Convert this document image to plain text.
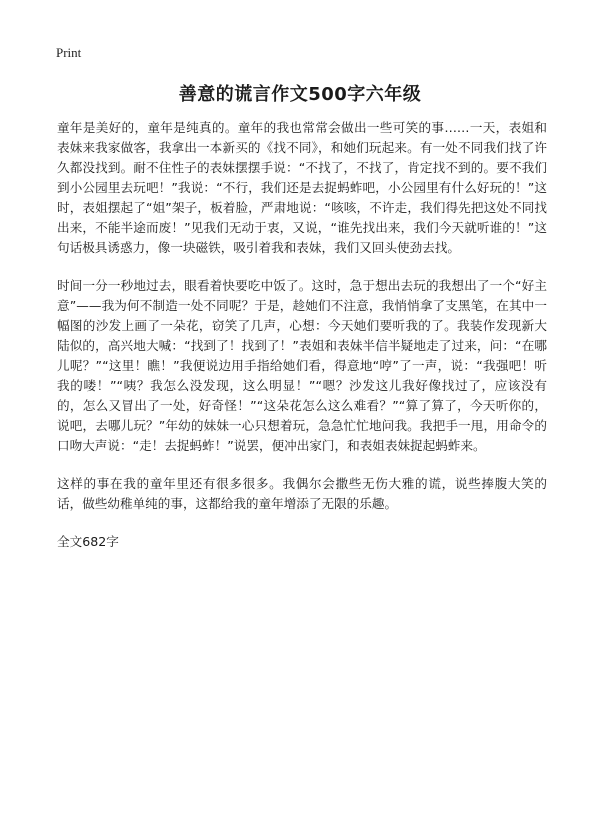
Print
善意的谎言作文500字六年级

童年是美好的，童年是纯真的。童年的我也常常会做出一些可笑的事……一天，表姐和表妹来我家做客，我拿出一本新买的《找不同》，和她们玩起来。有一处不同我们找了许久都没找到。耐不住性子的表妹摆摆手说：“不找了，不找了，肯定找不到的。要不我们到小公园里去玩吧！”我说：“不行，我们还是去捉蚂蚱吧，小公园里有什么好玩的！”这时，表姐摆起了“姐”架子，板着脸，严肃地说：“咳咳，不许走，我们得先把这处不同找出来，不能半途而废！”见我们无动于衷，又说，“谁先找出来，我们今天就听谁的！”这句话极具诱惑力，像一块磁铁，吸引着我和表妹，我们又回头使劲去找。

时间一分一秒地过去，眼看着快要吃中饭了。这时，急于想出去玩的我想出了一个“好主意”——我为何不制造一处不同呢？于是，趁她们不注意，我悄悄拿了支黑笔，在其中一幅图的沙发上画了一朵花，窃笑了几声，心想：今天她们要听我的了。我装作发现新大陆似的，高兴地大喊：“找到了！找到了！”表姐和表妹半信半疑地走了过来，问：“在哪儿呢？”“这里！瞧！”我便说边用手指给她们看，得意地“哼”了一声，说：“我强吧！听我的喽！”“咦？我怎么没发现，这么明显！”“嗯？沙发这儿我好像找过了，应该没有的，怎么又冒出了一处，好奇怪！”“这朵花怎么这么难看？”“算了算了，今天听你的，说吧，去哪儿玩？”年幼的妹妹一心只想着玩，急急忙忙地问我。我把手一甩，用命令的口吻大声说：“走！去捉蚂蚱！”说罢，便冲出家门，和表姐表妹捉起蚂蚱来。

这样的事在我的童年里还有很多很多。我偶尔会撒些无伤大雅的谎，说些捧腹大笑的话，做些幼稚单纯的事，这都给我的童年增添了无限的乐趣。

全文682字
